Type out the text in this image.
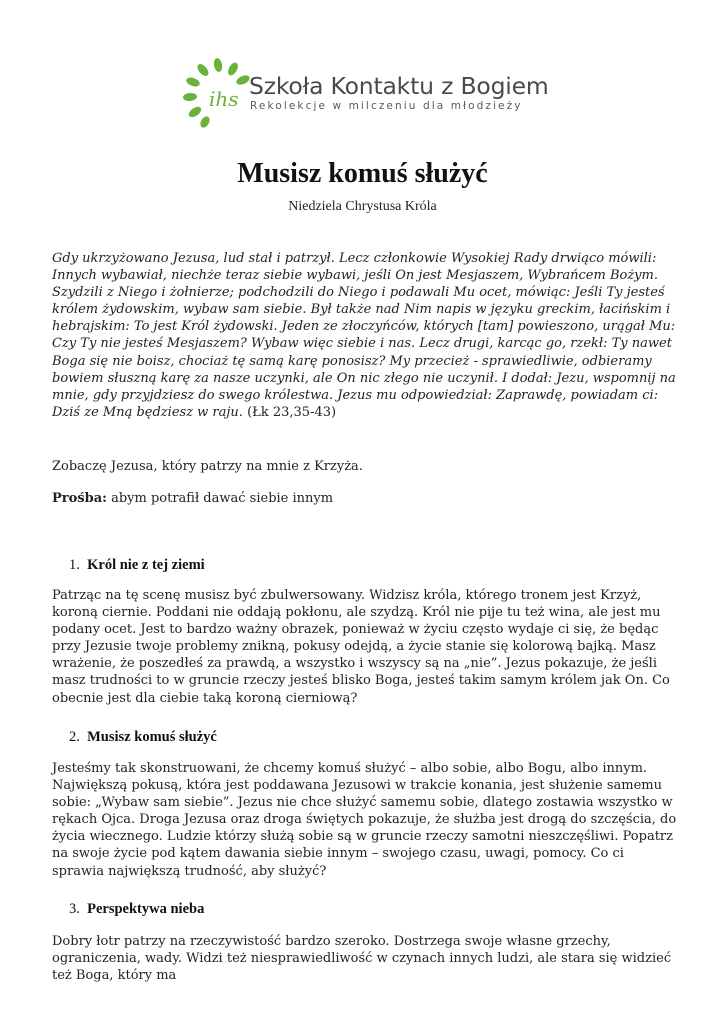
ihs Szkoła Kontaktu z Bogiem
Rekolekcje w milczeniu dla młodzieży
Musisz komuś służyć
Niedziela Chrystusa Króla
Gdy ukrzyżowano Jezusa, lud stał i patrzył. Lecz członkowie Wysokiej Rady drwiąco mówili: Innych wybawiał, niechże teraz siebie wybawi, jeśli On jest Mesjaszem, Wybrańcem Bożym. Szydzili z Niego i żołnierze; podchodzili do Niego i podawali Mu ocet, mówiąc: Jeśli Ty jesteś królem żydowskim, wybaw sam siebie. Był także nad Nim napis w języku greckim, łacińskim i hebrajskim: To jest Król żydowski. Jeden ze złoczyńców, których [tam] powieszono, urągał Mu: Czy Ty nie jesteś Mesjaszem? Wybaw więc siebie i nas. Lecz drugi, karcąc go, rzekł: Ty nawet Boga się nie boisz, chociaż tę samą karę ponosisz? My przecież - sprawiedliwie, odbieramy bowiem słuszną karę za nasze uczynki, ale On nic złego nie uczynił. I dodał: Jezu, wspomnij na mnie, gdy przyjdziesz do swego królestwa. Jezus mu odpowiedział: Zaprawdę, powiadam ci: Dziś ze Mną będziesz w raju. (Łk 23,35-43)
Zobaczę Jezusa, który patrzy na mnie z Krzyża.
Prośba: abym potrafił dawać siebie innym
1. Król nie z tej ziemi
Patrząc na tę scenę musisz być zbulwersowany. Widzisz króla, którego tronem jest Krzyż, koroną ciernie. Poddani nie oddają pokłonu, ale szydzą. Król nie pije tu też wina, ale jest mu podany ocet. Jest to bardzo ważny obrazek, ponieważ w życiu często wydaje ci się, że będąc przy Jezusie twoje problemy znikną, pokusy odejdą, a życie stanie się kolorową bajką. Masz wrażenie, że poszedłeś za prawdą, a wszystko i wszyscy są na „nie”. Jezus pokazuje, że jeśli masz trudności to w gruncie rzeczy jesteś blisko Boga, jesteś takim samym królem jak On. Co obecnie jest dla ciebie taką koroną cierniową?
2. Musisz komuś służyć
Jesteśmy tak skonstruowani, że chcemy komuś służyć – albo sobie, albo Bogu, albo innym. Największą pokusą, która jest poddawana Jezusowi w trakcie konania, jest służenie samemu sobie: „Wybaw sam siebie”. Jezus nie chce służyć samemu sobie, dlatego zostawia wszystko w rękach Ojca. Droga Jezusa oraz droga świętych pokazuje, że służba jest drogą do szczęścia, do życia wiecznego. Ludzie którzy służą sobie są w gruncie rzeczy samotni nieszczęśliwi. Popatrz na swoje życie pod kątem dawania siebie innym – swojego czasu, uwagi, pomocy. Co ci sprawia największą trudność, aby służyć?
3. Perspektywa nieba
Dobry łotr patrzy na rzeczywistość bardzo szeroko. Dostrzega swoje własne grzechy, ograniczenia, wady. Widzi też niesprawiedliwość w czynach innych ludzi, ale stara się widzieć też Boga, który ma
